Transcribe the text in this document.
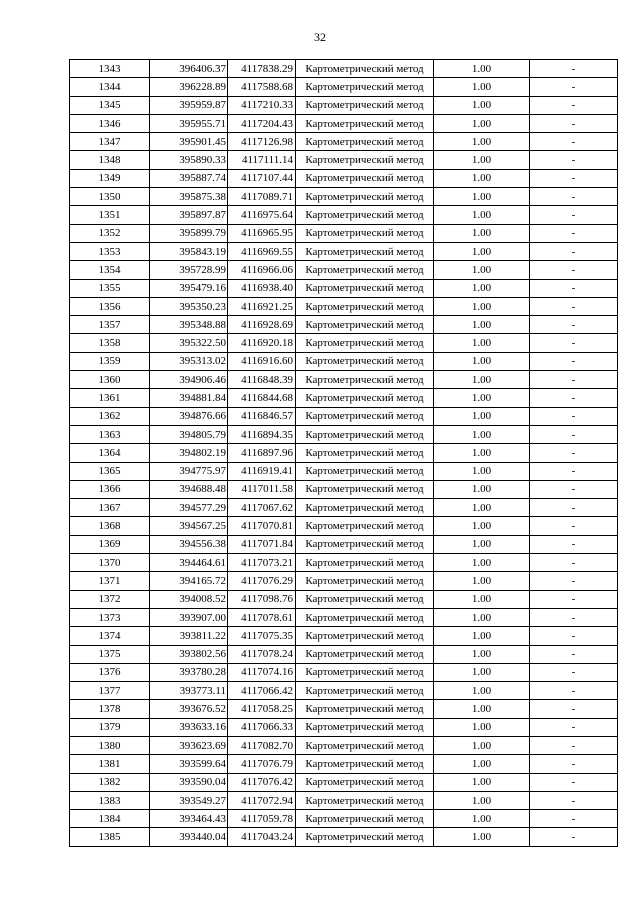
32
1343	396406.37	4117838.29	Картометрический метод	1.00	-
1344	396228.89	4117588.68	Картометрический метод	1.00	-
1345	395959.87	4117210.33	Картометрический метод	1.00	-
1346	395955.71	4117204.43	Картометрический метод	1.00	-
1347	395901.45	4117126.98	Картометрический метод	1.00	-
1348	395890.33	4117111.14	Картометрический метод	1.00	-
1349	395887.74	4117107.44	Картометрический метод	1.00	-
1350	395875.38	4117089.71	Картометрический метод	1.00	-
1351	395897.87	4116975.64	Картометрический метод	1.00	-
1352	395899.79	4116965.95	Картометрический метод	1.00	-
1353	395843.19	4116969.55	Картометрический метод	1.00	-
1354	395728.99	4116966.06	Картометрический метод	1.00	-
1355	395479.16	4116938.40	Картометрический метод	1.00	-
1356	395350.23	4116921.25	Картометрический метод	1.00	-
1357	395348.88	4116928.69	Картометрический метод	1.00	-
1358	395322.50	4116920.18	Картометрический метод	1.00	-
1359	395313.02	4116916.60	Картометрический метод	1.00	-
1360	394906.46	4116848.39	Картометрический метод	1.00	-
1361	394881.84	4116844.68	Картометрический метод	1.00	-
1362	394876.66	4116846.57	Картометрический метод	1.00	-
1363	394805.79	4116894.35	Картометрический метод	1.00	-
1364	394802.19	4116897.96	Картометрический метод	1.00	-
1365	394775.97	4116919.41	Картометрический метод	1.00	-
1366	394688.48	4117011.58	Картометрический метод	1.00	-
1367	394577.29	4117067.62	Картометрический метод	1.00	-
1368	394567.25	4117070.81	Картометрический метод	1.00	-
1369	394556.38	4117071.84	Картометрический метод	1.00	-
1370	394464.61	4117073.21	Картометрический метод	1.00	-
1371	394165.72	4117076.29	Картометрический метод	1.00	-
1372	394008.52	4117098.76	Картометрический метод	1.00	-
1373	393907.00	4117078.61	Картометрический метод	1.00	-
1374	393811.22	4117075.35	Картометрический метод	1.00	-
1375	393802.56	4117078.24	Картометрический метод	1.00	-
1376	393780.28	4117074.16	Картометрический метод	1.00	-
1377	393773.11	4117066.42	Картометрический метод	1.00	-
1378	393676.52	4117058.25	Картометрический метод	1.00	-
1379	393633.16	4117066.33	Картометрический метод	1.00	-
1380	393623.69	4117082.70	Картометрический метод	1.00	-
1381	393599.64	4117076.79	Картометрический метод	1.00	-
1382	393590.04	4117076.42	Картометрический метод	1.00	-
1383	393549.27	4117072.94	Картометрический метод	1.00	-
1384	393464.43	4117059.78	Картометрический метод	1.00	-
1385	393440.04	4117043.24	Картометрический метод	1.00	-
